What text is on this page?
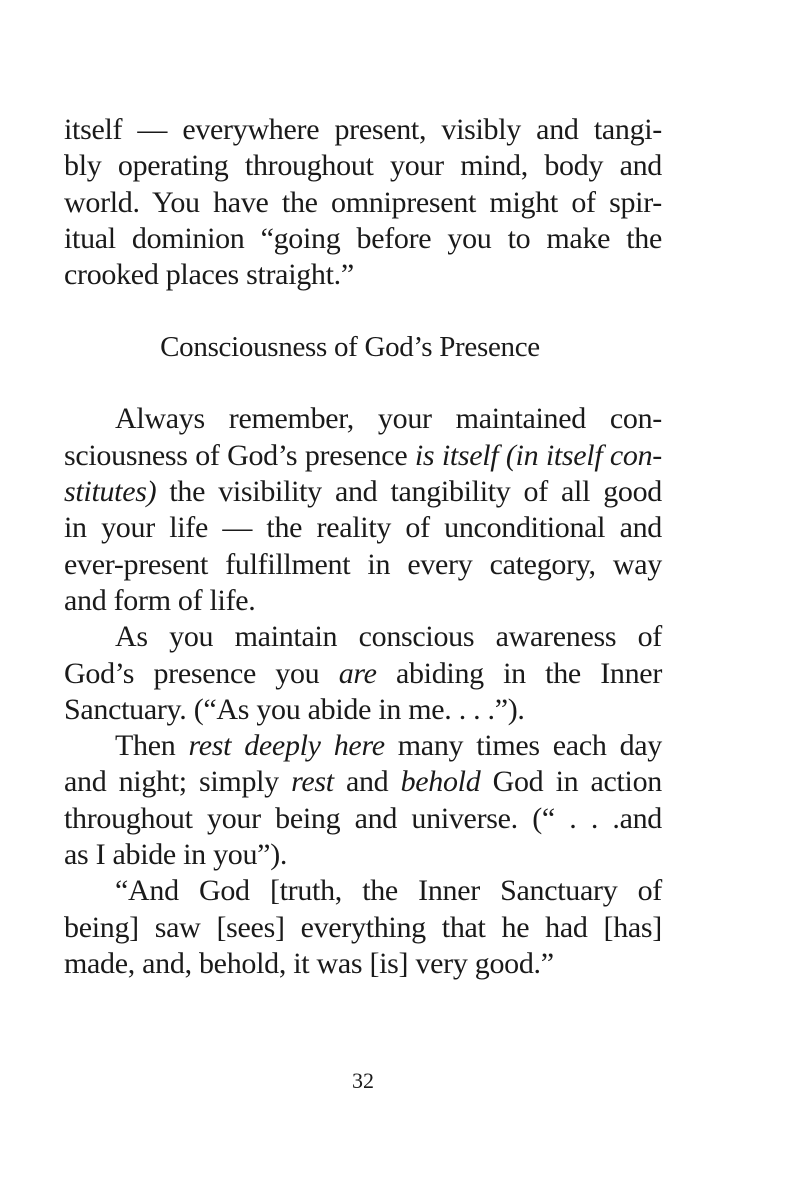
itself — everywhere present, visibly and tangi-
bly operating throughout your mind, body and
world. You have the omnipresent might of spir-
itual dominion “going before you to make the
crooked places straight.”
Consciousness of God’s Presence
Always remember, your maintained con-
sciousness of God’s presence is itself (in itself con-
stitutes) the visibility and tangibility of all good
in your life — the reality of unconditional and
ever-present fulfillment in every category, way
and form of life.
As you maintain conscious awareness of
God’s presence you are abiding in the Inner
Sanctuary. (“As you abide in me. . . .”).
Then rest deeply here many times each day
and night; simply rest and behold God in action
throughout your being and universe. (“ . . .and
as I abide in you”).
“And God [truth, the Inner Sanctuary of
being] saw [sees] everything that he had [has]
made, and, behold, it was [is] very good.”
32
